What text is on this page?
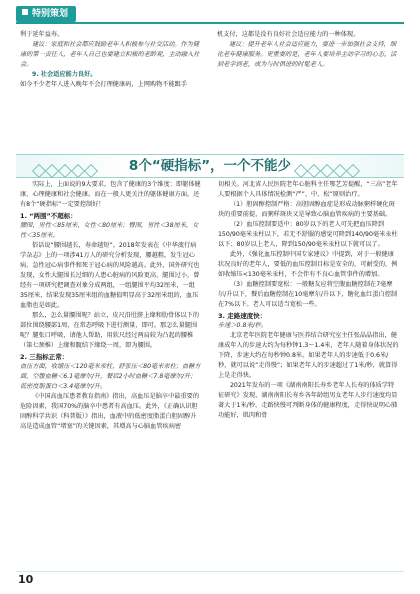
特别策划

利于延年益寿。

建议：家庭和社会都应鼓励老年人积极参与社交活动。作为健康的第一责任人，老年人自己也要建立积极的老龄观，主动融入社会。

9. 社会适应能力良好。

如今不少老年人进入晚年不会打理健康码，上网购物不能跟手

机支付，这都是没有良好社会适应能力的一种体现。

建议：提升老年人社会适应能力，要进一步加强社会支持，细化老年健康服务。更重要的是，老年人要培养主动学习的心态，活到老学到老，成为与时俱进的时髦老人。

8个“硬指标”，一个不能少

实际上，上面说的9大要求，包含了健康的3个维度：即躯体健康、心理健康和社会健康。而在一般人更关注的躯体健康方面，还有8个“硬指标”一定要控制好！

1. “两围”不超标：

腰围，男性＜85厘米，女性＜80厘米；臀围，男性＜38厘米，女性＜35厘米。

俗话说“腰围越长，寿命越短”。2018年发表在《中华流行病学杂志》上的一项涉41万人的研究分析发现，腰越粗，发生冠心病、急性冠心病事件和死于冠心病的风险越高。此外，国外研究也发现，女性大腿围长过细的人患心脏病的风险更高，腿围过小，曾经有一项研究把调查对象分成两组，一组腿围平均32厘米，一组35厘米，结果发现35厘米组的血糖值明显高于32厘米组的，血压血脂也是如此。

那么，怎么量腰围呢？站立，皮尺沿肚脐上缘和肋骨体以下的部位围绕腰部1周，在常态呼吸下进行测量，即可。那怎么量腿围呢？腿张口呼吸，请他人帮助，用软尺经过两肩较为凸起的腰椎（第七颈椎）上缘和髋结下缘绕一周，即为腰围。

2. 三指标正常：

血压方面，收缩压＜120毫米汞柱，舒张压＜80毫米汞柱；血糖方面，空腹血糖＜6.1毫摩尔/升，餐后2小时血糖＜7.8毫摩尔/升；低密度脂蛋白＜3.4毫摩尔/升。

《中国高血压患者教育指南》指出，高血压是脑卒中最重要的危险因素，我国70%的脑卒中患者有高血压。此外，《正确认识胆固醇科学共识（科普版）》指出，血液中的低密度脂蛋白胆固醇升高是造成血管“堵塞”的关键因素，其增高与心脑血管疾病密

切相关。河北省人民医院老年心脏科主任鄂艺芳提醒，“三高”老年人要根据个人具体情况检测“严”、中、松”原则治疗。

（1）胆固醇控制严格：高胆固醇血症是形成动脉粥样硬化斑块的重要前提，而粥样斑块又是导致心脑血管疾病的主要基础。

（2）血压控制要适中：80岁以下的老人可先把血压降到150/90毫米汞柱以下，若无不舒服的感觉可降到140/90毫米汞柱以下；80岁以上老人，降到150/90毫米汞柱以下就可以了。

此外，《强化血压控制中国专家建议》中提到，对于一般健康状况良好的老年人，要低的血压控制目标是安全的，可耐受的，例如收缩压<130毫米汞柱，不会伴有不良心血管事件的增加。

（3）血糖控制要宽松：一般糖友应将空腹血糖控制在7毫摩尔/升以下，餐后血糖控制在10毫摩尔/升以下，糖化血红蛋白控制在7%以下。老人可以适当宽松一些。

3. 走路速度快：

步速＞0.8米/秒。

北京老年医院老年健康与医养结合研究室主任张晶晶指出，健康成年人的步速大约为每秒钟1.3～1.4米，老年人随着身体状况的下降，步速大约在每秒钟0.8米。如果老年人的步速低于0.6米/秒，就可以说“走得慢”；如果老年人的步速超过了1米/秒，就算得上是走得快。

2021年发布的一项《湖南南阳长寿乡老年人长寿的体质学特征研究》发现，湖南南阳长寿乡各年龄组男女老年人步行速度均显著大于1米/秒，走路快慢可判断身体的健康程度，走得快说明心肺功能好，肌肉和骨

10
